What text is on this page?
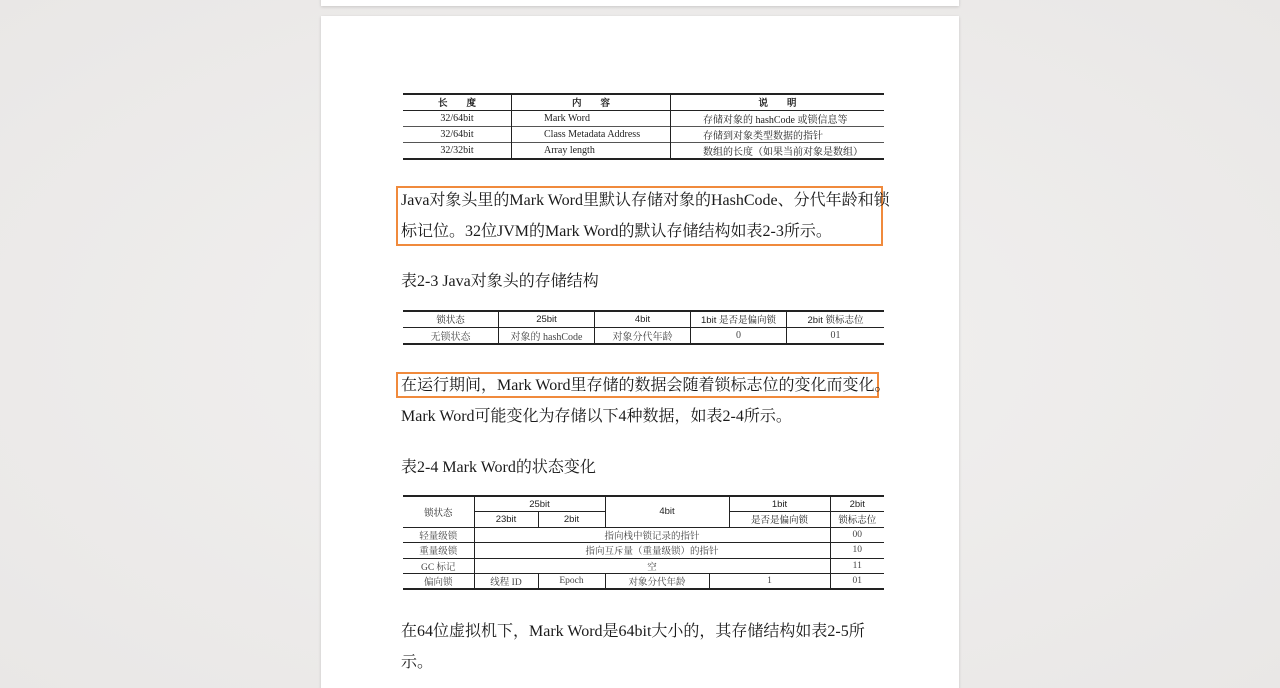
长　　度	内　　容	说　　明
32/64bit	Mark Word	存储对象的 hashCode 或锁信息等
32/64bit	Class Metadata Address	存储到对象类型数据的指针
32/32bit	Array length	数组的长度（如果当前对象是数组）
Java对象头里的Mark Word里默认存储对象的HashCode、分代年龄和锁
标记位。32位JVM的Mark Word的默认存储结构如表2-3所示。
表2-3 Java对象头的存储结构
锁状态	25bit	4bit	1bit 是否是偏向锁	2bit 锁标志位
无锁状态	对象的 hashCode	对象分代年龄	0	01
在运行期间，Mark Word里存储的数据会随着锁标志位的变化而变化。
Mark Word可能变化为存储以下4种数据，如表2-4所示。
表2-4 Mark Word的状态变化
锁状态	25bit		4bit		1bit	2bit
	23bit	2bit			是否是偏向锁	锁标志位
轻量级锁	指向栈中锁记录的指针					00
重量级锁	指向互斥量（重量级锁）的指针					10
GC 标记	空					11
偏向锁	线程 ID	Epoch	对象分代年龄	1		01
在64位虚拟机下，Mark Word是64bit大小的，其存储结构如表2-5所
示。
